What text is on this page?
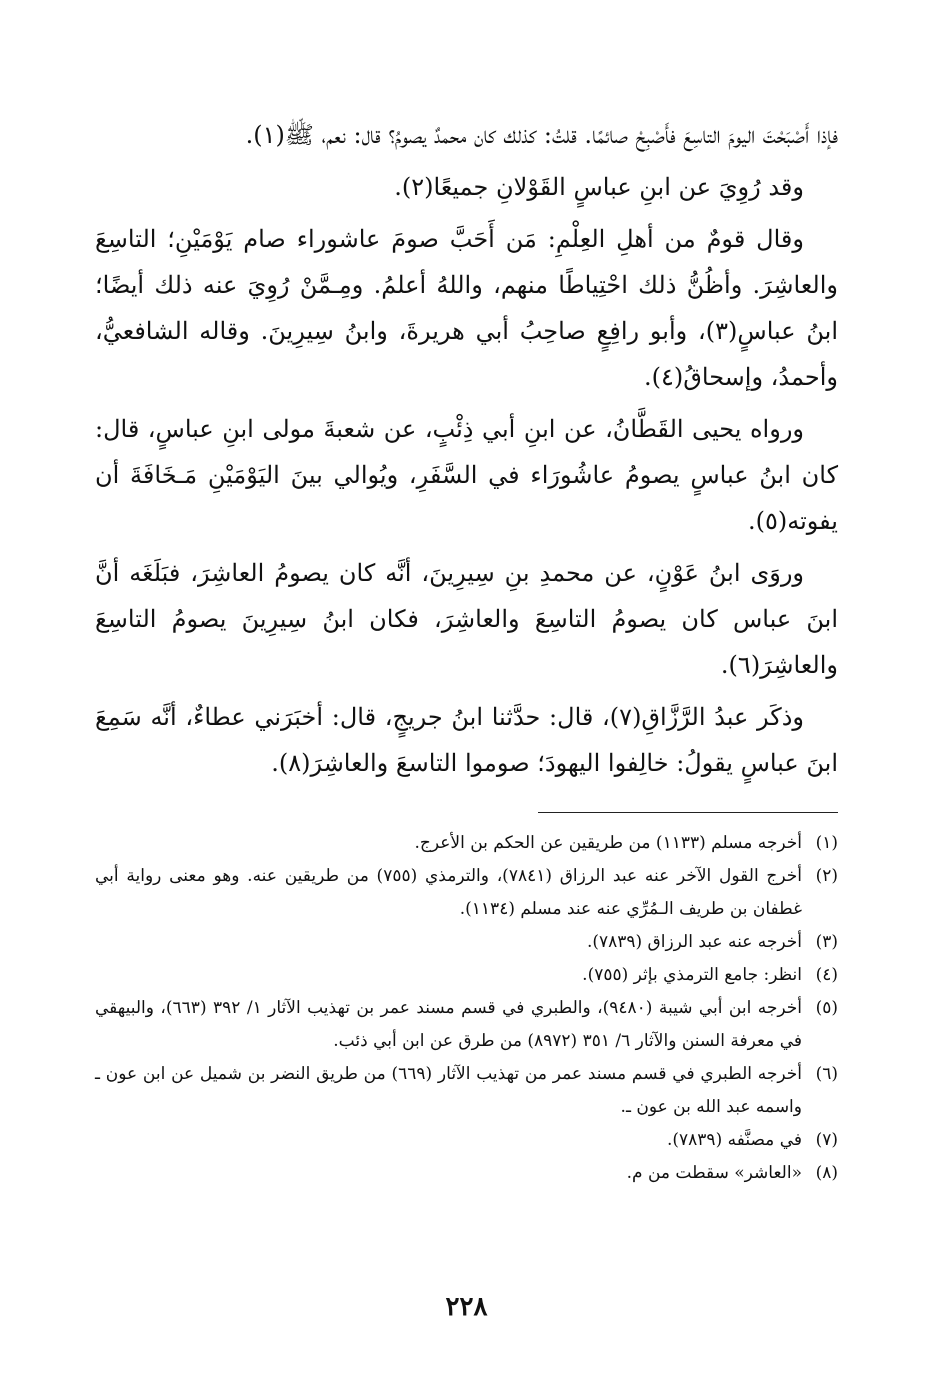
فإذا أَصْبَحْتَ اليومَ التاسِعَ فأَصْبِحْ صائمًا. قلتُ: كذلك كان محمدٌ يصومُ؟ قال: نعم، ﷺ(١).

وقد رُوِيَ عن ابنِ عباسٍ القَوْلانِ جميعًا(٢).

وقال قومٌ من أهلِ العِلْمِ: مَن أَحَبَّ صومَ عاشوراء صام يَوْمَيْنِ؛ التاسِعَ والعاشِرَ. وأظُنُّ ذلك احْتِياطًا منهم، واللهُ أعلمُ. ومِـمَّنْ رُوِيَ عنه ذلك أيضًا؛ ابنُ عباسٍ(٣)، وأبو رافِعٍ صاحِبُ أبي هريرةَ، وابنُ سِيرِينَ. وقاله الشافعيُّ، وأحمدُ، وإسحاقُ(٤).

ورواه يحيى القَطَّانُ، عن ابنِ أبي ذِئْبٍ، عن شعبةَ مولى ابنِ عباسٍ، قال: كان ابنُ عباسٍ يصومُ عاشُورَاء في السَّفَرِ، ويُوالي بينَ اليَوْمَيْنِ مَـخَافَةَ أن يفوته(٥).

وروَى ابنُ عَوْنٍ، عن محمدِ بنِ سِيرِينَ، أنَّه كان يصومُ العاشِرَ، فبَلَغَه أنَّ ابنَ عباس كان يصومُ التاسِعَ والعاشِرَ، فكان ابنُ سِيرِينَ يصومُ التاسِعَ والعاشِرَ(٦).

وذكَر عبدُ الرَّزَّاقِ(٧)، قال: حدَّثنا ابنُ جريجٍ، قال: أخبَرَني عطاءٌ، أنَّه سَمِعَ ابنَ عباسٍ يقولُ: خالِفوا اليهودَ؛ صوموا التاسعَ والعاشِرَ(٨).

(١)أخرجه مسلم (١١٣٣) من طريقين عن الحكم بن الأعرج.

(٢)أخرج القول الآخر عنه عبد الرزاق (٧٨٤١)، والترمذي (٧٥٥) من طريقين عنه. وهو معنى رواية أبي غطفان بن طريف الـمُرِّي عنه عند مسلم (١١٣٤).

(٣)أخرجه عنه عبد الرزاق (٧٨٣٩).

(٤)انظر: جامع الترمذي بإثر (٧٥٥).

(٥)أخرجه ابن أبي شيبة (٩٤٨٠)، والطبري في قسم مسند عمر بن تهذيب الآثار ١/ ٣٩٢ (٦٦٣)، والبيهقي في معرفة السنن والآثار ٦/ ٣٥١ (٨٩٧٢) من طرق عن ابن أبي ذئب.

(٦)أخرجه الطبري في قسم مسند عمر من تهذيب الآثار (٦٦٩) من طريق النضر بن شميل عن ابن عون ـ واسمه عبد الله بن عون ـ.

(٧)في مصنَّفه (٧٨٣٩).

(٨)«العاشر» سقطت من م.

٢٢٨
